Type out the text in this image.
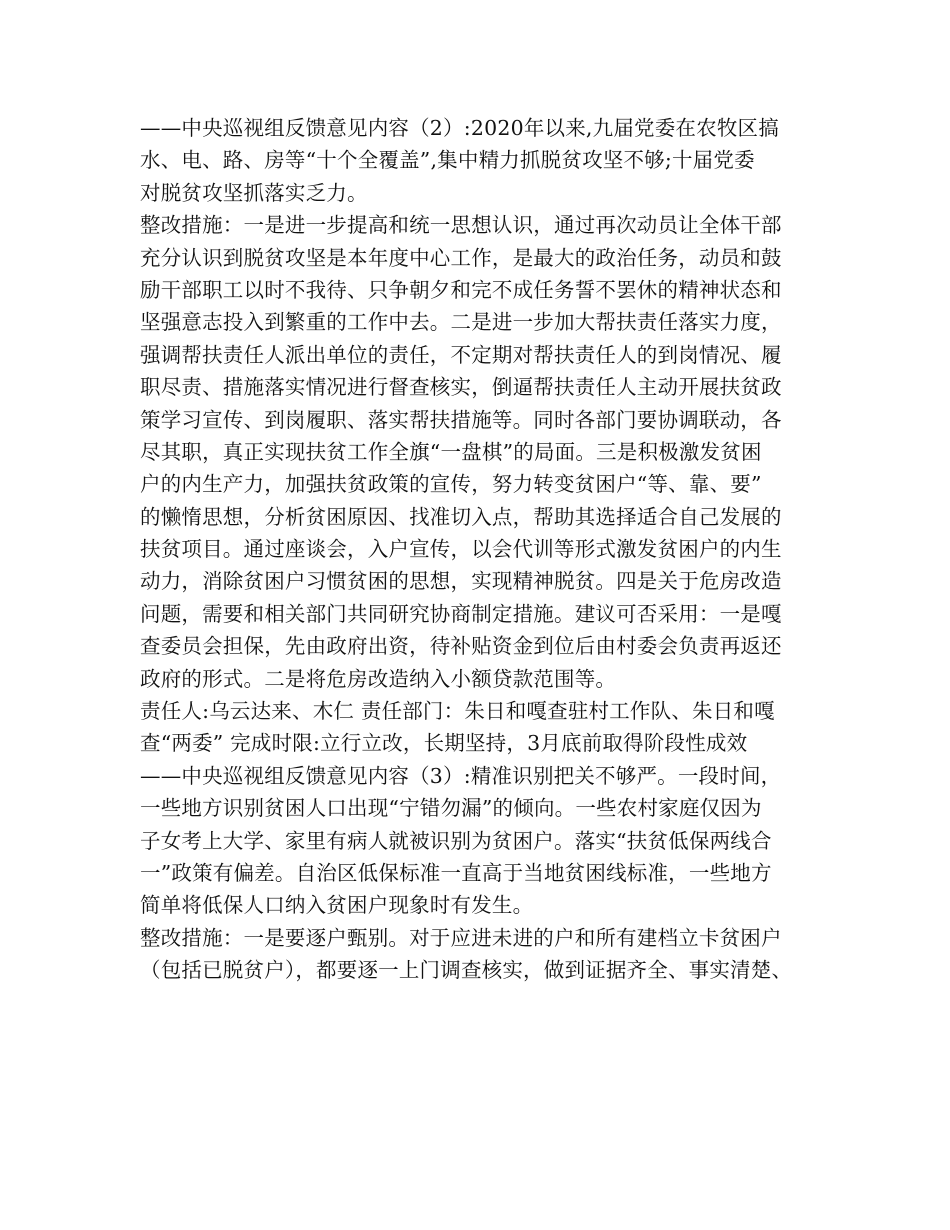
——中央巡视组反馈意见内容（2）:2020年以来,九届党委在农牧区搞
水、电、路、房等“十个全覆盖”,集中精力抓脱贫攻坚不够;十届党委
对脱贫攻坚抓落实乏力。
整改措施：一是进一步提高和统一思想认识，通过再次动员让全体干部
充分认识到脱贫攻坚是本年度中心工作，是最大的政治任务，动员和鼓
励干部职工以时不我待、只争朝夕和完不成任务誓不罢休的精神状态和
坚强意志投入到繁重的工作中去。二是进一步加大帮扶责任落实力度，
强调帮扶责任人派出单位的责任，不定期对帮扶责任人的到岗情况、履
职尽责、措施落实情况进行督查核实，倒逼帮扶责任人主动开展扶贫政
策学习宣传、到岗履职、落实帮扶措施等。同时各部门要协调联动，各
尽其职，真正实现扶贫工作全旗“一盘棋”的局面。三是积极激发贫困
户的内生产力，加强扶贫政策的宣传，努力转变贫困户“等、靠、要”
的懒惰思想，分析贫困原因、找准切入点，帮助其选择适合自己发展的
扶贫项目。通过座谈会，入户宣传，以会代训等形式激发贫困户的内生
动力，消除贫困户习惯贫困的思想，实现精神脱贫。四是关于危房改造
问题，需要和相关部门共同研究协商制定措施。建议可否采用：一是嘎
查委员会担保，先由政府出资，待补贴资金到位后由村委会负责再返还
政府的形式。二是将危房改造纳入小额贷款范围等。
责任人:乌云达来、木仁 责任部门：朱日和嘎查驻村工作队、朱日和嘎
查“两委” 完成时限:立行立改，长期坚持，3月底前取得阶段性成效
——中央巡视组反馈意见内容（3）:精准识别把关不够严。一段时间，
一些地方识别贫困人口出现“宁错勿漏”的倾向。一些农村家庭仅因为
子女考上大学、家里有病人就被识别为贫困户。落实“扶贫低保两线合
一”政策有偏差。自治区低保标准一直高于当地贫困线标准，一些地方
简单将低保人口纳入贫困户现象时有发生。
整改措施：一是要逐户甄别。对于应进未进的户和所有建档立卡贫困户
（包括已脱贫户），都要逐一上门调查核实，做到证据齐全、事实清楚、
